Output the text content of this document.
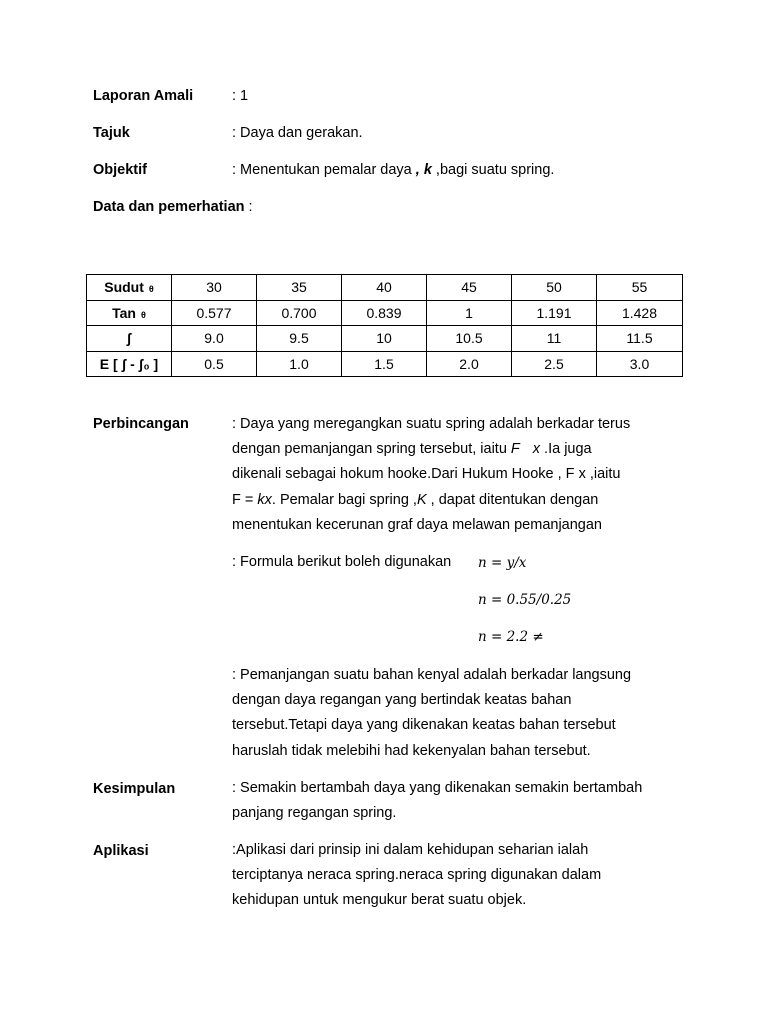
Laporan Amali	: 1
Tajuk	: Daya dan gerakan.
Objektif	: Menentukan pemalar daya , k ,bagi suatu spring.
Data dan pemerhatian :
Sudut θ	30	35	40	45	50	55
Tan θ	0.577	0.700	0.839	1	1.191	1.428
ʃ	9.0	9.5	10	10.5	11	11.5
E [ ʃ - ʃ₀ ]	0.5	1.0	1.5	2.0	2.5	3.0
Perbincangan	: Daya yang meregangkan suatu spring adalah berkadar terus
dengan pemanjangan spring tersebut, iaitu F x .Ia juga
dikenali sebagai hokum hooke.Dari Hukum Hooke , F x ,iaitu
F = kx. Pemalar bagi spring ,K , dapat ditentukan dengan
menentukan kecerunan graf daya melawan pemanjangan
: Formula berikut boleh digunakan n = y/x
n = 0.55/0.25
n = 2.2 ≠
: Pemanjangan suatu bahan kenyal adalah berkadar langsung
dengan daya regangan yang bertindak keatas bahan
tersebut.Tetapi daya yang dikenakan keatas bahan tersebut
haruslah tidak melebihi had kekenyalan bahan tersebut.
Kesimpulan	: Semakin bertambah daya yang dikenakan semakin bertambah
panjang regangan spring.
Aplikasi	:Aplikasi dari prinsip ini dalam kehidupan seharian ialah
terciptanya neraca spring.neraca spring digunakan dalam
kehidupan untuk mengukur berat suatu objek.
